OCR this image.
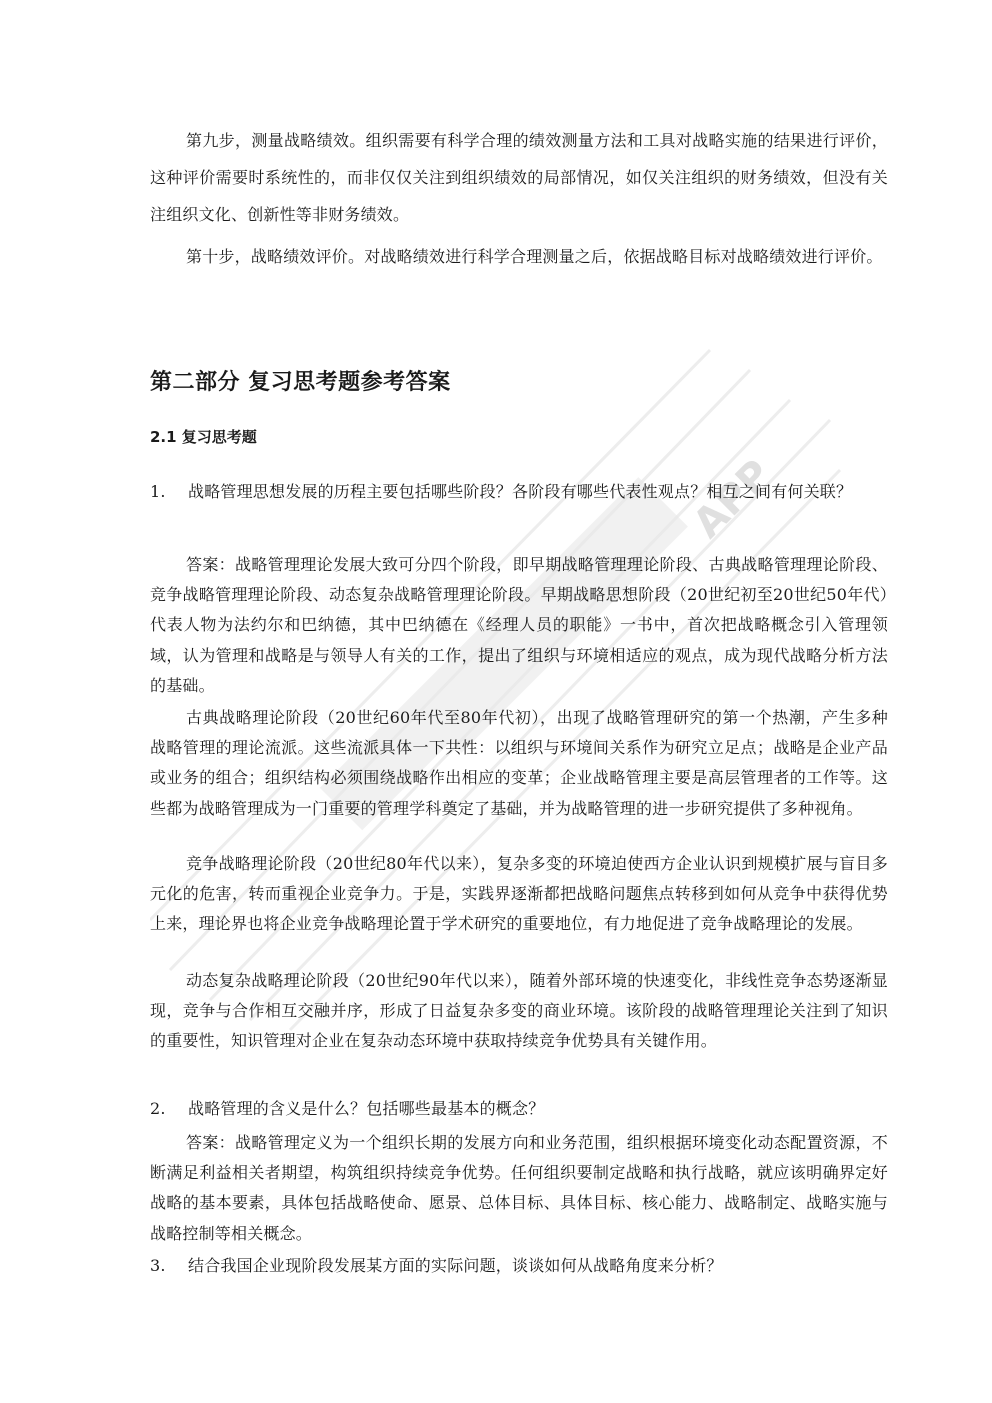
APP
第九步，测量战略绩效。组织需要有科学合理的绩效测量方法和工具对战略实施的结果进行评价，这种评价需要时系统性的，而非仅仅关注到组织绩效的局部情况，如仅关注组织的财务绩效，但没有关注组织文化、创新性等非财务绩效。
第十步，战略绩效评价。对战略绩效进行科学合理测量之后，依据战略目标对战略绩效进行评价。
第二部分 复习思考题参考答案
2.1 复习思考题
1.	战略管理思想发展的历程主要包括哪些阶段？各阶段有哪些代表性观点？相互之间有何关联？
答案：战略管理理论发展大致可分四个阶段，即早期战略管理理论阶段、古典战略管理理论阶段、竞争战略管理理论阶段、动态复杂战略管理理论阶段。早期战略思想阶段（20世纪初至20世纪50年代）代表人物为法约尔和巴纳德，其中巴纳德在《经理人员的职能》一书中，首次把战略概念引入管理领域，认为管理和战略是与领导人有关的工作，提出了组织与环境相适应的观点，成为现代战略分析方法的基础。
古典战略理论阶段（20世纪60年代至80年代初），出现了战略管理研究的第一个热潮，产生多种战略管理的理论流派。这些流派具体一下共性：以组织与环境间关系作为研究立足点；战略是企业产品或业务的组合；组织结构必须围绕战略作出相应的变革；企业战略管理主要是高层管理者的工作等。这些都为战略管理成为一门重要的管理学科奠定了基础，并为战略管理的进一步研究提供了多种视角。
竞争战略理论阶段（20世纪80年代以来），复杂多变的环境迫使西方企业认识到规模扩展与盲目多元化的危害，转而重视企业竞争力。于是，实践界逐渐都把战略问题焦点转移到如何从竞争中获得优势上来，理论界也将企业竞争战略理论置于学术研究的重要地位，有力地促进了竞争战略理论的发展。
动态复杂战略理论阶段（20世纪90年代以来），随着外部环境的快速变化，非线性竞争态势逐渐显现，竞争与合作相互交融并序，形成了日益复杂多变的商业环境。该阶段的战略管理理论关注到了知识的重要性，知识管理对企业在复杂动态环境中获取持续竞争优势具有关键作用。
2.	战略管理的含义是什么？包括哪些最基本的概念？
答案：战略管理定义为一个组织长期的发展方向和业务范围，组织根据环境变化动态配置资源，不断满足利益相关者期望，构筑组织持续竞争优势。任何组织要制定战略和执行战略，就应该明确界定好战略的基本要素，具体包括战略使命、愿景、总体目标、具体目标、核心能力、战略制定、战略实施与战略控制等相关概念。
3.	结合我国企业现阶段发展某方面的实际问题，谈谈如何从战略角度来分析？
